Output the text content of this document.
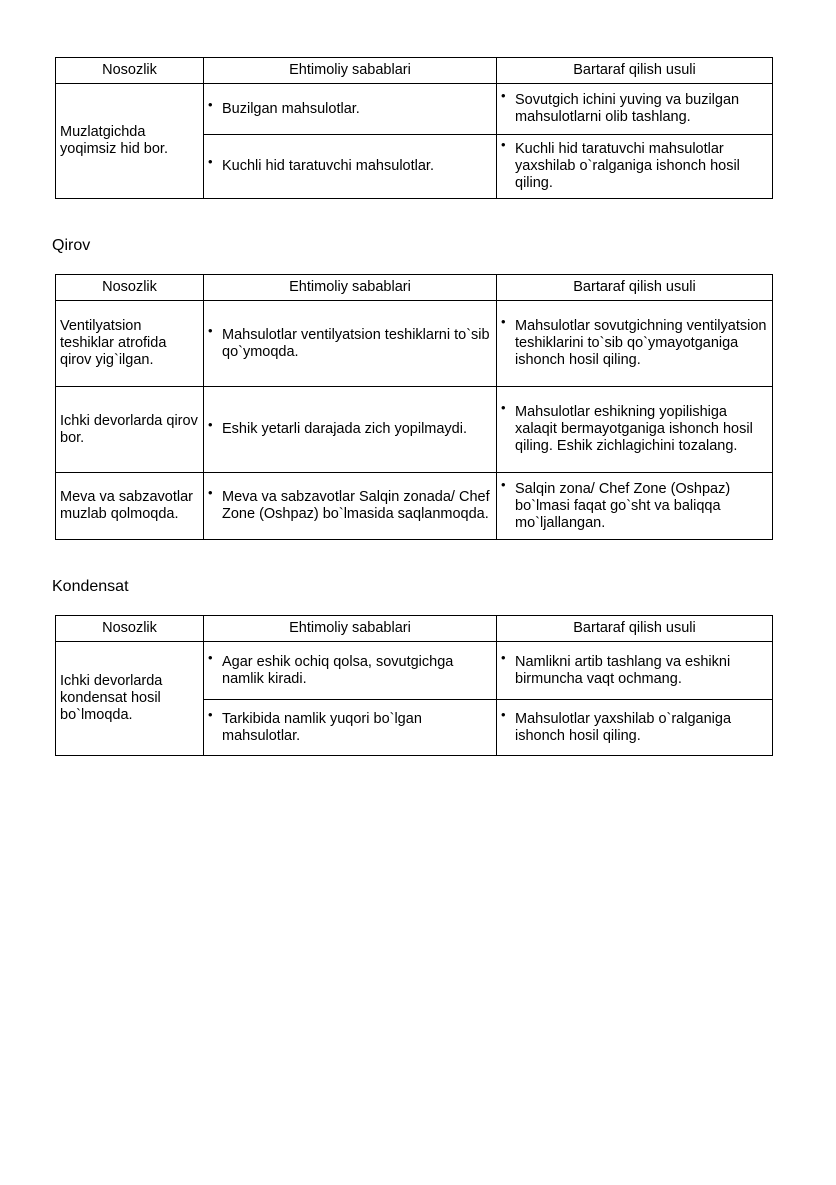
Nosozlik	Ehtimoliy sabablari	Bartaraf qilish usuli
Muzlatgichda yoqimsiz hid bor.	• Buzilgan mahsulotlar.	• Sovutgich ichini yuving va buzilgan mahsulotlarni olib tashlang.

	• Kuchli hid taratuvchi mahsulotlar.	• Kuchli hid taratuvchi mahsulotlar yaxshilab o`ralganiga ishonch hosil qiling.
Qirov
Nosozlik	Ehtimoliy sabablari	Bartaraf qilish usuli
Ventilyatsion teshiklar atrofida qirov yig`ilgan.	• Mahsulotlar ventilyatsion teshiklarni to`sib qo`ymoqda.	• Mahsulotlar sovutgichning ventilyatsion teshiklarini to`sib qo`ymayotganiga ishonch hosil qiling.

Ichki devorlarda qirov bor.	• Eshik yetarli darajada zich yopilmaydi.	• Mahsulotlar eshikning yopilishiga xalaqit bermayotganiga ishonch hosil qiling. Eshik zichlagichini tozalang.

Meva va sabzavotlar muzlab qolmoqda.	• Meva va sabzavotlar Salqin zonada/ Chef Zone (Oshpaz) bo`lmasida saqlanmoqda.	• Salqin zona/ Chef Zone (Oshpaz) bo`lmasi faqat go`sht va baliqqa mo`ljallangan.
Kondensat
Nosozlik	Ehtimoliy sabablari	Bartaraf qilish usuli
Ichki devorlarda kondensat hosil bo`lmoqda.	• Agar eshik ochiq qolsa, sovutgichga namlik kiradi.	• Namlikni artib tashlang va eshikni birmuncha vaqt ochmang.

	• Tarkibida namlik yuqori bo`lgan mahsulotlar.	• Mahsulotlar yaxshilab o`ralganiga ishonch hosil qiling.
